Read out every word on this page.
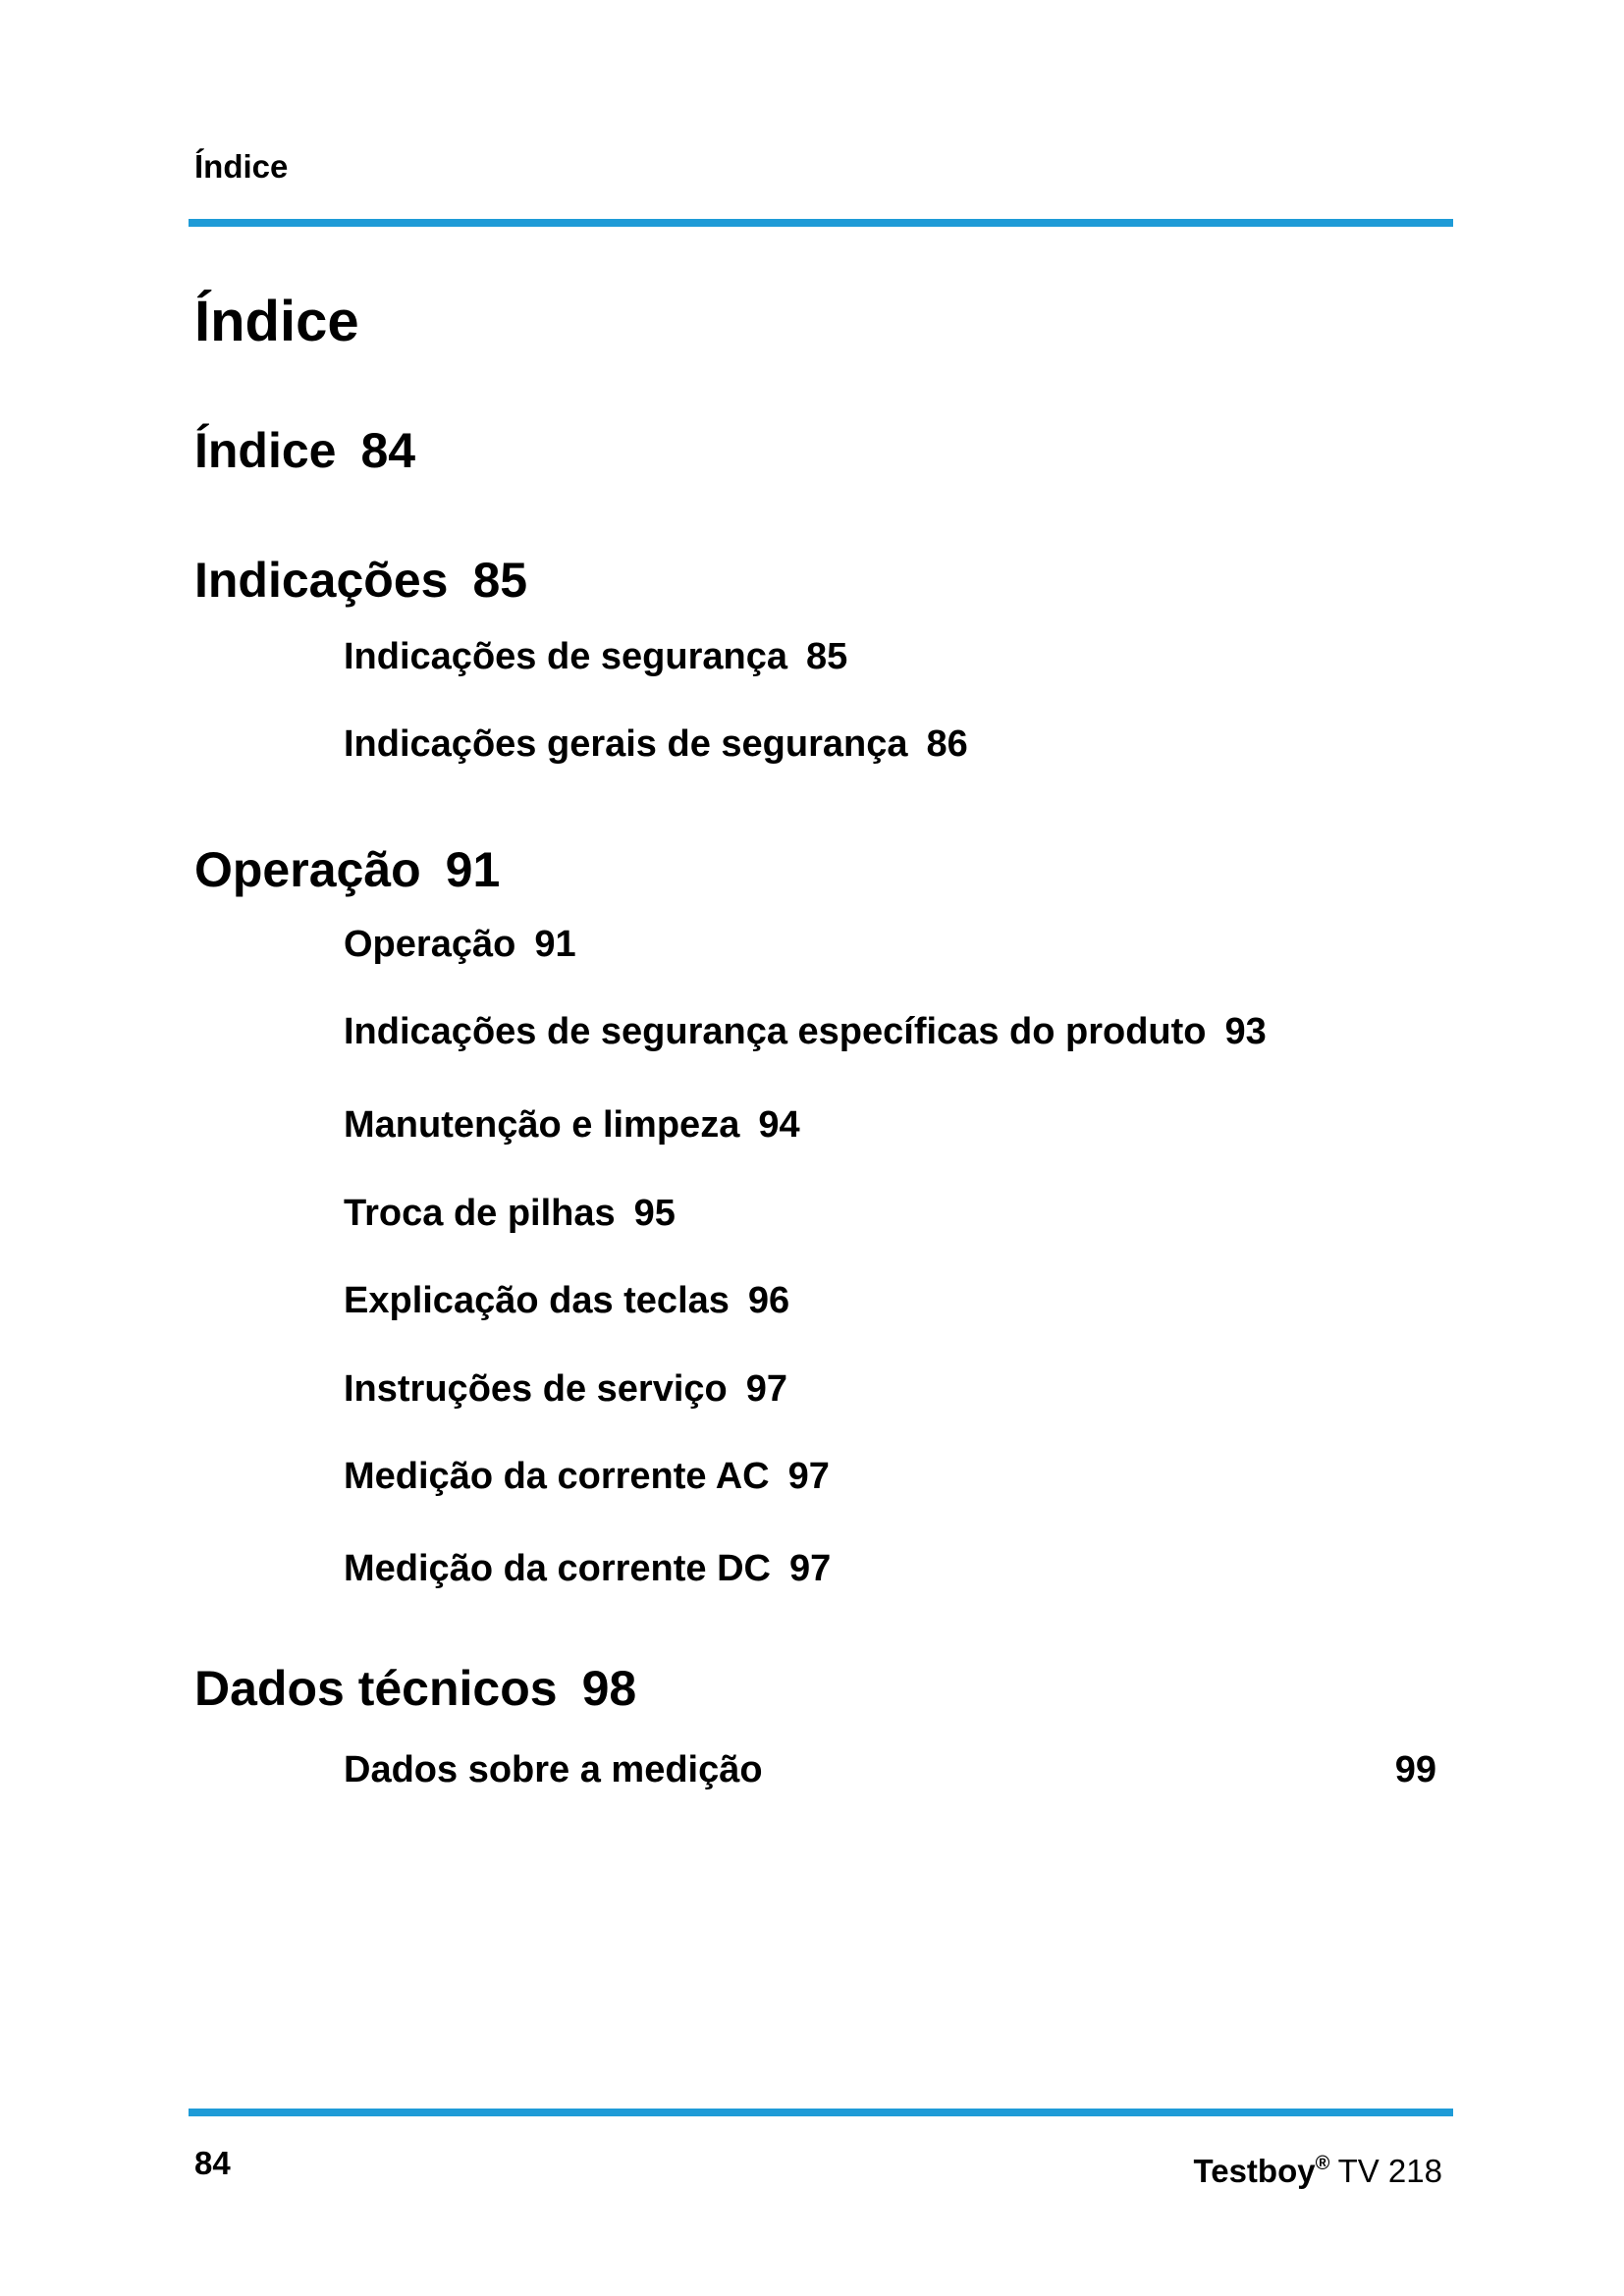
Índice
Índice
Índice 84
Indicações 85
Indicações de segurança 85
Indicações gerais de segurança 86
Operação 91
Operação 91
Indicações de segurança específicas do produto 93
Manutenção e limpeza 94
Troca de pilhas 95
Explicação das teclas 96
Instruções de serviço 97
Medição da corrente AC 97
Medição da corrente DC 97
Dados técnicos 98
Dados sobre a medição	99
84	Testboy® TV 218
